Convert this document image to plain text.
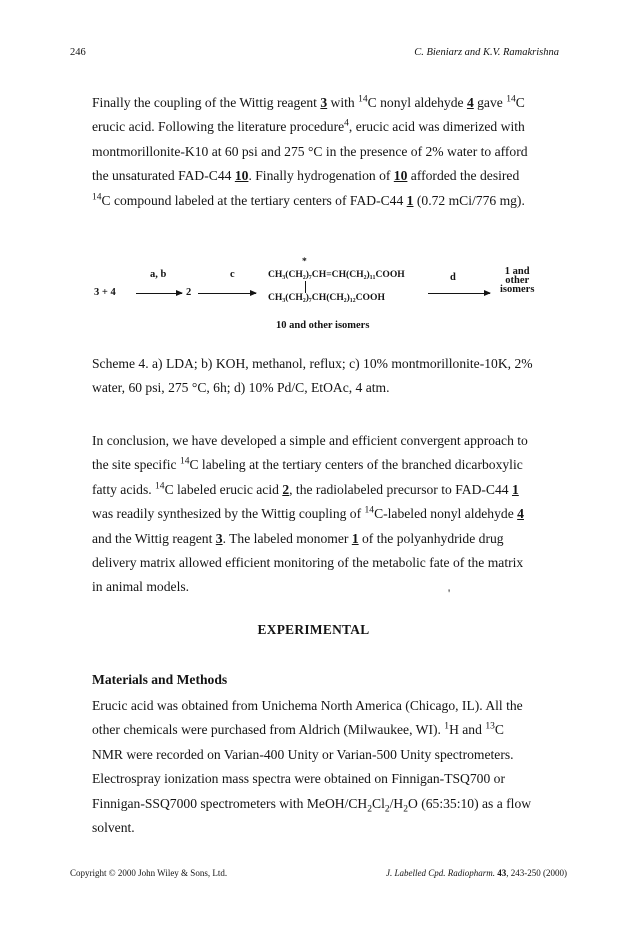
246	C. Bieniarz and K.V. Ramakrishna

Finally the coupling of the Wittig reagent 3 with $^{14}$C nonyl aldehyde 4 gave $^{14}$C erucic acid. Following the literature procedure$^4$, erucic acid was dimerized with montmorillonite-K10 at 60 psi and 275 °C in the presence of 2% water to afford the unsaturated FAD-C44 10. Finally hydrogenation of 10 afforded the desired $^{14}$C compound labeled at the tertiary centers of FAD-C44 1 (0.72 mCi/776 mg).

3 + 4
a, b
→ 2
c
*
CH₃(CH₂)₇CH=CH(CH₂)₁₁COOH
CH₃(CH₂)₇CH(CH₂)₁₂COOH
d
1 and
other
isomers
10 and other isomers
Scheme 4. a) LDA; b) KOH, methanol, reflux; c) 10% montmorillonite-10K, 2% water, 60 psi, 275 °C, 6h; d) 10% Pd/C, EtOAc, 4 atm.

In conclusion, we have developed a simple and efficient convergent approach to the site specific $^{14}$C labeling at the tertiary centers of the branched dicarboxylic fatty acids. $^{14}$C labeled erucic acid 2, the radiolabeled precursor to FAD-C44 1 was readily synthesized by the Wittig coupling of $^{14}$C-labeled nonyl aldehyde 4 and the Wittig reagent 3. The labeled monomer 1 of the polyanhydride drug delivery matrix allowed efficient monitoring of the metabolic fate of the matrix in animal models.	'
EXPERIMENTAL
Materials and Methods

Erucic acid was obtained from Unichema North America (Chicago, IL). All the other chemicals were purchased from Aldrich (Milwaukee, WI). $^1$H and $^{13}$C NMR were recorded on Varian-400 Unity or Varian-500 Unity spectrometers. Electrospray ionization mass spectra were obtained on Finnigan-TSQ700 or Finnigan-SSQ7000 spectrometers with MeOH/$CH_2Cl_2/H_2O$ (65:35:10) as a flow solvent.

Copyright © 2000 John Wiley & Sons, Ltd.	J. Labelled Cpd. Radiopharm. 43, 243-250 (2000)
